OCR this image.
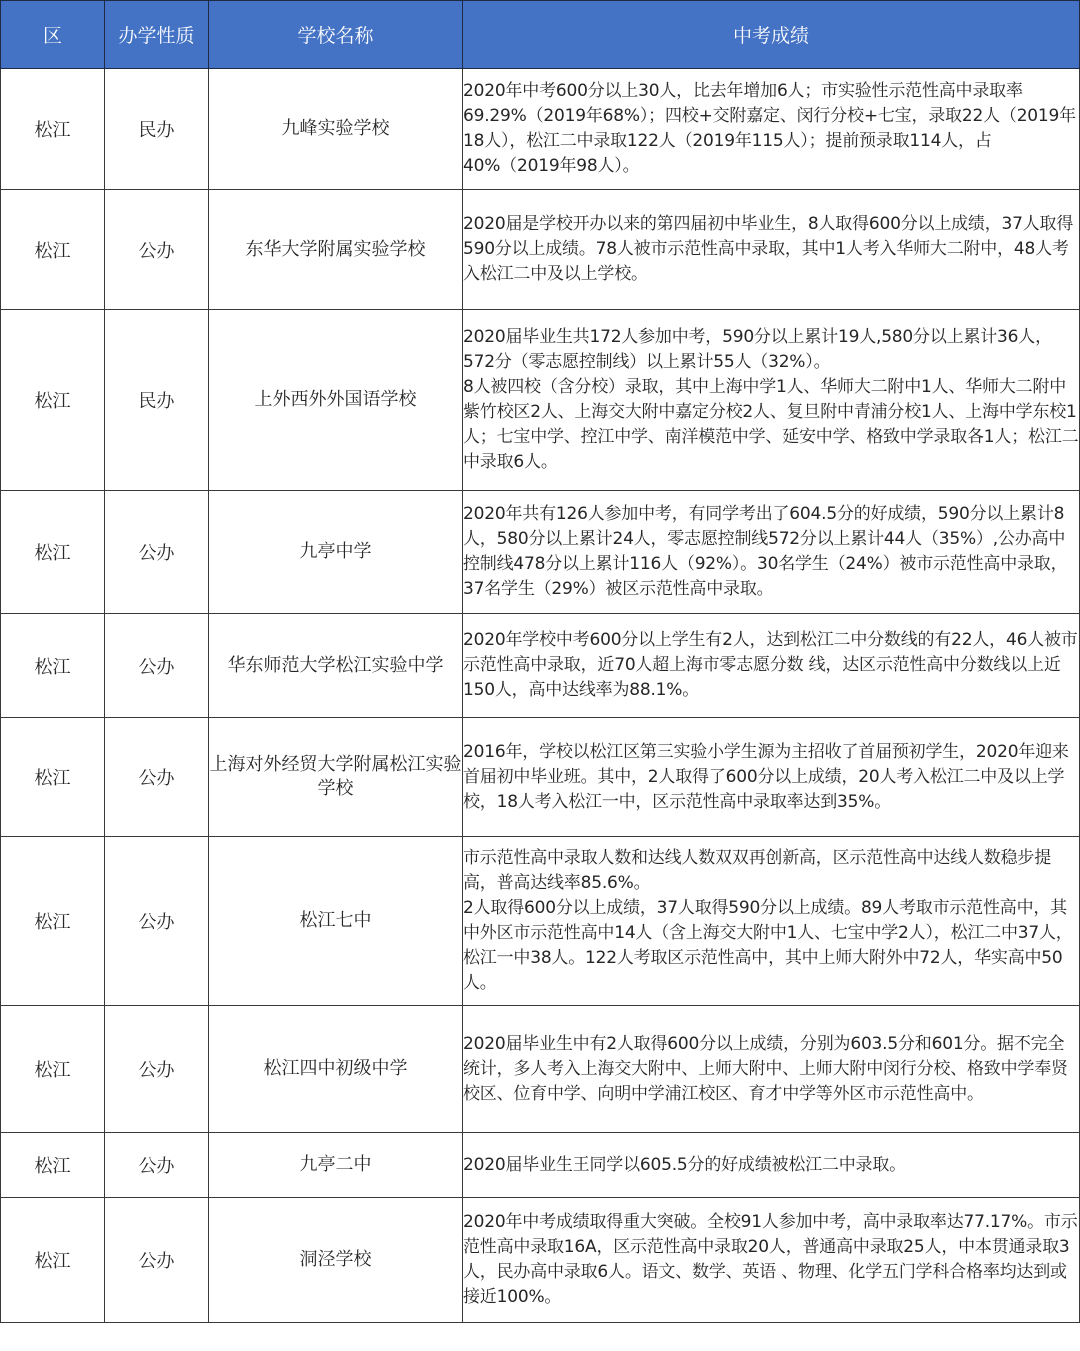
区	办学性质	学校名称	中考成绩
松江	民办	九峰实验学校	2020年中考600分以上30人，比去年增加6人；市实验性示范性高中录取率69.29%（2019年68%）；四校+交附嘉定、闵行分校+七宝，录取22人（2019年18人），松江二中录取122人（2019年115人）；提前预录取114人，占 40%（2019年98人）。

松江	公办	东华大学附属实验学校	2020届是学校开办以来的第四届初中毕业生，8人取得600分以上成绩，37人取得590分以上成绩。78人被市示范性高中录取，其中1人考入华师大二附中，48人考入松江二中及以上学校。

松江	民办	上外西外外国语学校	2020届毕业生共172人参加中考，590分以上累计19人,580分以上累计36人，572分（零志愿控制线）以上累计55人（32%）。
8人被四校（含分校）录取，其中上海中学1人、华师大二附中1人、华师大二附中紫竹校区2人、上海交大附中嘉定分校2人、复旦附中青浦分校1人、上海中学东校1人；七宝中学、控江中学、南洋模范中学、延安中学、格致中学录取各1人；松江二中录取6人。

松江	公办	九亭中学	2020年共有126人参加中考，有同学考出了604.5分的好成绩，590分以上累计8人，580分以上累计24人，零志愿控制线572分以上累计44人（35%）,公办高中控制线478分以上累计116人（92%）。30名学生（24%）被市示范性高中录取，37名学生（29%）被区示范性高中录取。

松江	公办	华东师范大学松江实验中学	2020年学校中考600分以上学生有2人，达到松江二中分数线的有22人，46人被市示范性高中录取，近70人超上海市零志愿分数 线，达区示范性高中分数线以上近150人，高中达线率为88.1%。

松江	公办	上海对外经贸大学附属松江实验学校	2016年，学校以松江区第三实验小学生源为主招收了首届预初学生，2020年迎来首届初中毕业班。其中，2人取得了600分以上成绩，20人考入松江二中及以上学校，18人考入松江一中，区示范性高中录取率达到35%。

松江	公办	松江七中	市示范性高中录取人数和达线人数双双再创新高，区示范性高中达线人数稳步提高，普高达线率85.6%。
2人取得600分以上成绩，37人取得590分以上成绩。89人考取市示范性高中，其中外区市示范性高中14人（含上海交大附中1人、七宝中学2人），松江二中37人，松江一中38人。122人考取区示范性高中，其中上师大附外中72人，华实高中50人。

松江	公办	松江四中初级中学	2020届毕业生中有2人取得600分以上成绩，分别为603.5分和601分。据不完全统计，多人考入上海交大附中、上师大附中、上师大附中闵行分校、格致中学奉贤校区、位育中学、向明中学浦江校区、育才中学等外区市示范性高中。

松江	公办	九亭二中	2020届毕业生王同学以605.5分的好成绩被松江二中录取。

松江	公办	洞泾学校	2020年中考成绩取得重大突破。全校91人参加中考，高中录取率达77.17%。市示范性高中录取16A，区示范性高中录取20人，普通高中录取25人，中本贯通录取3人，民办高中录取6人。语文、数学、英语 、物理、化学五门学科合格率均达到或接近100%。
